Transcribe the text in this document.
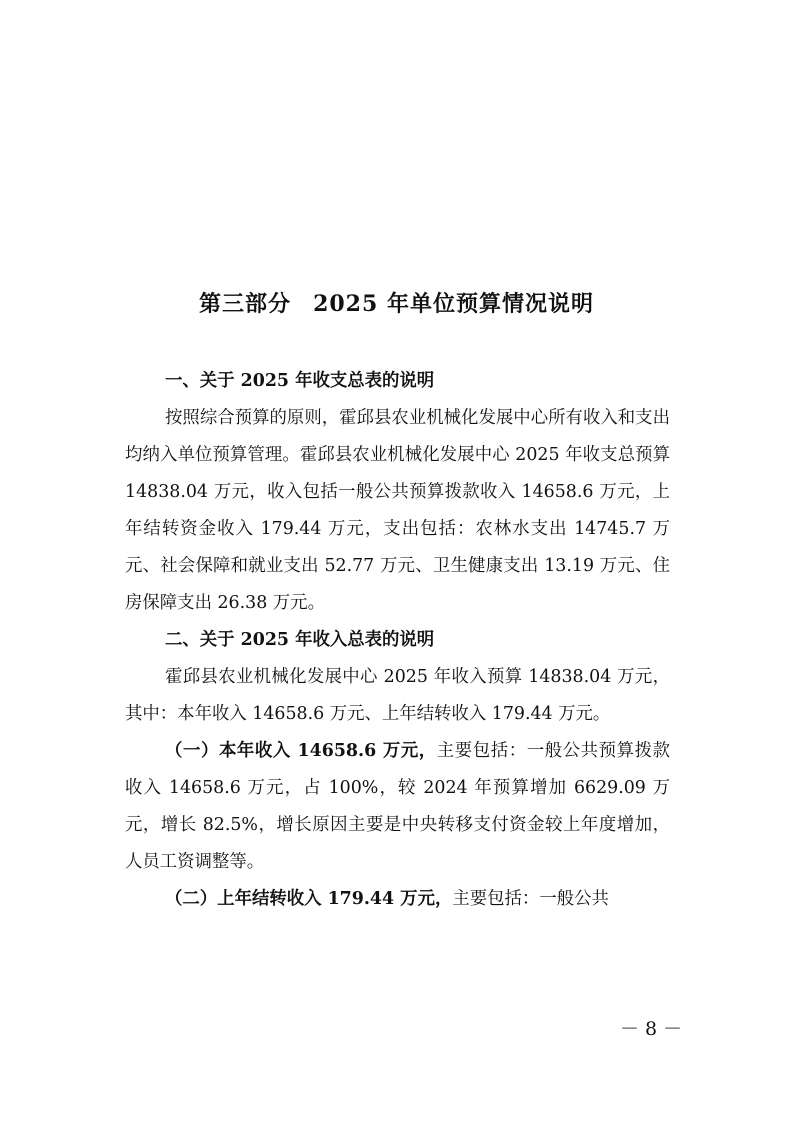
第三部分 2025 年单位预算情况说明

一、关于 2025 年收支总表的说明

按照综合预算的原则，霍邱县农业机械化发展中心所有收入和支出均纳入单位预算管理。霍邱县农业机械化发展中心 2025 年收支总预算 14838.04 万元，收入包括一般公共预算拨款收入 14658.6 万元，上年结转资金收入 179.44 万元，支出包括：农林水支出 14745.7 万元、社会保障和就业支出 52.77 万元、卫生健康支出 13.19 万元、住房保障支出 26.38 万元。

二、关于 2025 年收入总表的说明

霍邱县农业机械化发展中心 2025 年收入预算 14838.04 万元，其中：本年收入 14658.6 万元、上年结转收入 179.44 万元。

（一）本年收入 14658.6 万元，主要包括：一般公共预算拨款收入 14658.6 万元，占 100%，较 2024 年预算增加 6629.09 万元，增长 82.5%，增长原因主要是中央转移支付资金较上年度增加，人员工资调整等。

（二）上年结转收入 179.44 万元，主要包括：一般公共

－ 8 －
